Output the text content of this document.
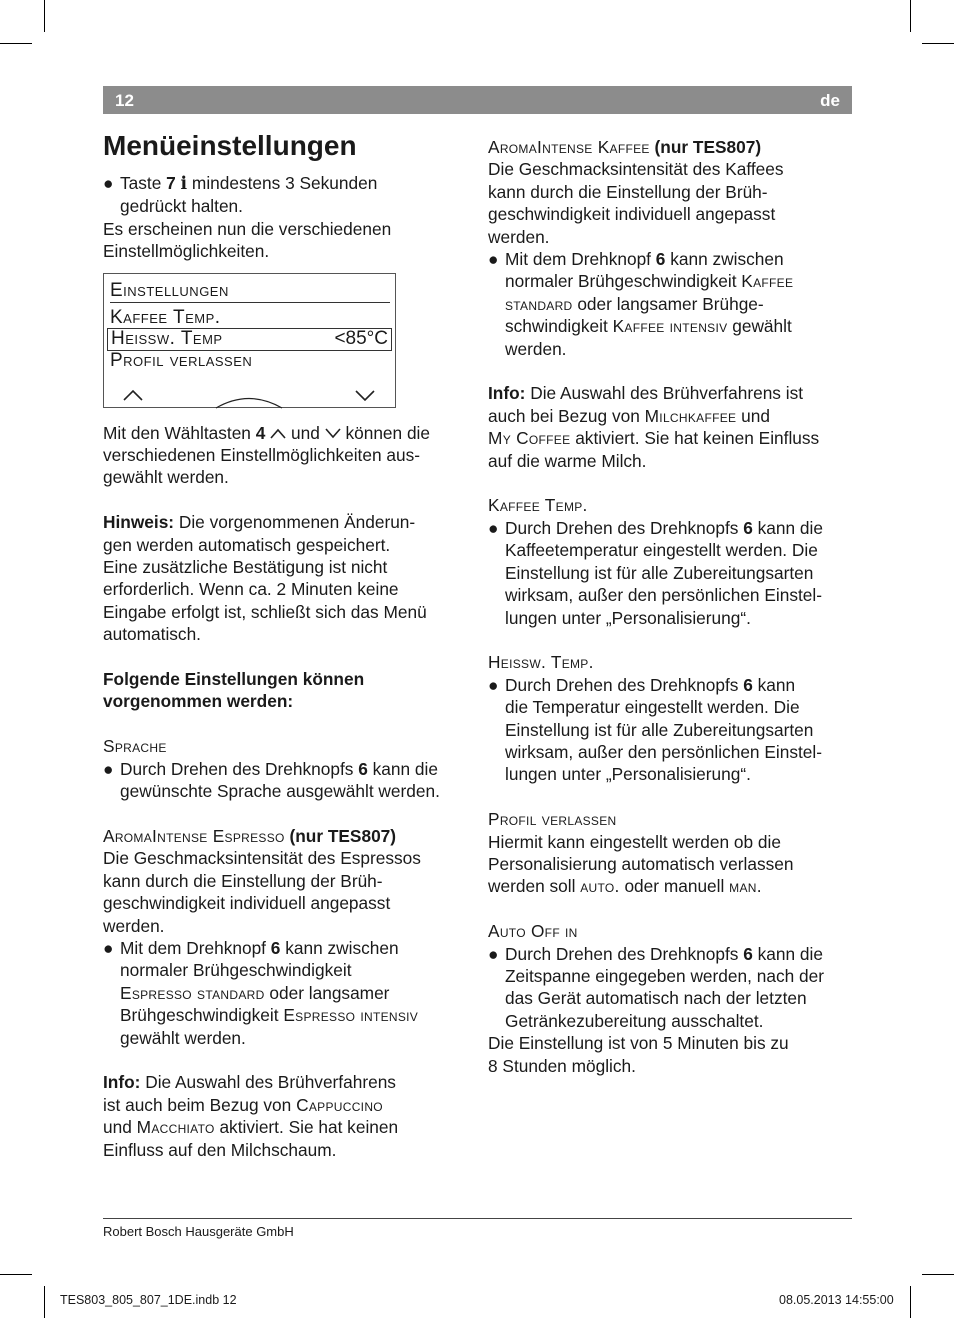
12	de

Menüeinstellungen

● Taste 7 i mindestens 3 Sekunden
gedrückt halten.

Es erscheinen nun die verschiedenen
Einstellmöglichkeiten.

Einstellungen
Kaffee Temp.
Heissw. Temp	<85°C
Profil verlassen

Mit den Wähltasten 4 und können die
verschiedenen Einstellmöglichkeiten aus-
gewählt werden.

Hinweis: Die vorgenommenen Änderun-
gen werden automatisch gespeichert.
Eine zusätzliche Bestätigung ist nicht
erforderlich. Wenn ca. 2 Minuten keine
Eingabe erfolgt ist, schließt sich das Menü
automatisch.

Folgende Einstellungen können
vorgenommen werden:

Sprache

● Durch Drehen des Drehknopfs 6 kann die
gewünschte Sprache ausgewählt werden.

AromaIntense Espresso (nur TES807)

Die Geschmacksintensität des Espressos
kann durch die Einstellung der Brüh-
geschwindigkeit individuell angepasst
werden.

● Mit dem Drehknopf 6 kann zwischen
normaler Brühgeschwindigkeit
Espresso standard oder langsamer
Brühgeschwindigkeit Espresso intensiv
gewählt werden.

Info: Die Auswahl des Brühverfahrens
ist auch beim Bezug von Cappuccino
und Macchiato aktiviert. Sie hat keinen
Einfluss auf den Milchschaum.

AromaIntense Kaffee (nur TES807)

Die Geschmacksintensität des Kaffees
kann durch die Einstellung der Brüh-
geschwindigkeit individuell angepasst
werden.

● Mit dem Drehknopf 6 kann zwischen
normaler Brühgeschwindigkeit Kaffee
standard oder langsamer Brühge-
schwindigkeit Kaffee intensiv gewählt
werden.

Info: Die Auswahl des Brühverfahrens ist
auch bei Bezug von Milchkaffee und
My Coffee aktiviert. Sie hat keinen Einfluss
auf die warme Milch.

Kaffee Temp.

● Durch Drehen des Drehknopfs 6 kann die
Kaffeetemperatur eingestellt werden. Die
Einstellung ist für alle Zubereitungsarten
wirksam, außer den persönlichen Einstel-
lungen unter „Personalisierung“.

Heissw. Temp.

● Durch Drehen des Drehknopfs 6 kann
die Temperatur eingestellt werden. Die
Einstellung ist für alle Zubereitungsarten
wirksam, außer den persönlichen Einstel-
lungen unter „Personalisierung“.

Profil verlassen

Hiermit kann eingestellt werden ob die
Personalisierung automatisch verlassen
werden soll auto. oder manuell man.

Auto Off in

● Durch Drehen des Drehknopfs 6 kann die
Zeitspanne eingegeben werden, nach der
das Gerät automatisch nach der letzten
Getränkezubereitung ausschaltet.

Die Einstellung ist von 5 Minuten bis zu
8 Stunden möglich.

Robert Bosch Hausgeräte GmbH
TES803_805_807_1DE.indb 12	08.05.2013 14:55:00
